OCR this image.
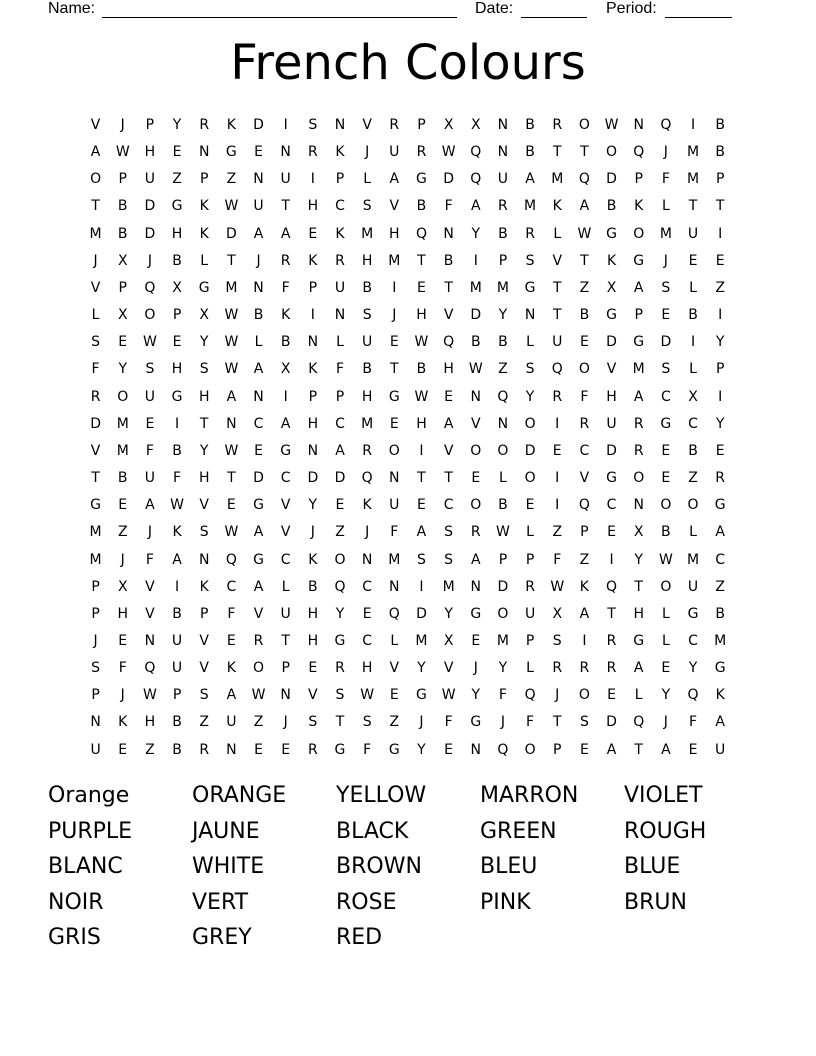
Name:	Date:	Period:
French Colours
V	J	P	Y	R	K	D	I	S	N	V	R	P	X	X	N	B	R	O	W	N	Q	I	B
A	W	H	E	N	G	E	N	R	K	J	U	R	W	Q	N	B	T	T	O	Q	J	M	B
O	P	U	Z	P	Z	N	U	I	P	L	A	G	D	Q	U	A	M	Q	D	P	F	M	P
T	B	D	G	K	W	U	T	H	C	S	V	B	F	A	R	M	K	A	B	K	L	T	T
M	B	D	H	K	D	A	A	E	K	M	H	Q	N	Y	B	R	L	W	G	O	M	U	I
J	X	J	B	L	T	J	R	K	R	H	M	T	B	I	P	S	V	T	K	G	J	E	E
V	P	Q	X	G	M	N	F	P	U	B	I	E	T	M	M	G	T	Z	X	A	S	L	Z
L	X	O	P	X	W	B	K	I	N	S	J	H	V	D	Y	N	T	B	G	P	E	B	I
S	E	W	E	Y	W	L	B	N	L	U	E	W	Q	B	B	L	U	E	D	G	D	I	Y
F	Y	S	H	S	W	A	X	K	F	B	T	B	H	W	Z	S	Q	O	V	M	S	L	P
R	O	U	G	H	A	N	I	P	P	H	G	W	E	N	Q	Y	R	F	H	A	C	X	I
D	M	E	I	T	N	C	A	H	C	M	E	H	A	V	N	O	I	R	U	R	G	C	Y
V	M	F	B	Y	W	E	G	N	A	R	O	I	V	O	O	D	E	C	D	R	E	B	E
T	B	U	F	H	T	D	C	D	D	Q	N	T	T	E	L	O	I	V	G	O	E	Z	R
G	E	A	W	V	E	G	V	Y	E	K	U	E	C	O	B	E	I	Q	C	N	O	O	G
M	Z	J	K	S	W	A	V	J	Z	J	F	A	S	R	W	L	Z	P	E	X	B	L	A
M	J	F	A	N	Q	G	C	K	O	N	M	S	S	A	P	P	F	Z	I	Y	W	M	C
P	X	V	I	K	C	A	L	B	Q	C	N	I	M	N	D	R	W	K	Q	T	O	U	Z
P	H	V	B	P	F	V	U	H	Y	E	Q	D	Y	G	O	U	X	A	T	H	L	G	B
J	E	N	U	V	E	R	T	H	G	C	L	M	X	E	M	P	S	I	R	G	L	C	M
S	F	Q	U	V	K	O	P	E	R	H	V	Y	V	J	Y	L	R	R	R	A	E	Y	G
P	J	W	P	S	A	W	N	V	S	W	E	G	W	Y	F	Q	J	O	E	L	Y	Q	K
N	K	H	B	Z	U	Z	J	S	T	S	Z	J	F	G	J	F	T	S	D	Q	J	F	A
U	E	Z	B	R	N	E	E	R	G	F	G	Y	E	N	Q	O	P	E	A	T	A	E	U
Orange	ORANGE	YELLOW	MARRON	VIOLET
PURPLE	JAUNE	BLACK	GREEN	ROUGH
BLANC	WHITE	BROWN	BLEU	BLUE
NOIR	VERT	ROSE	PINK	BRUN
GRIS	GREY	RED
